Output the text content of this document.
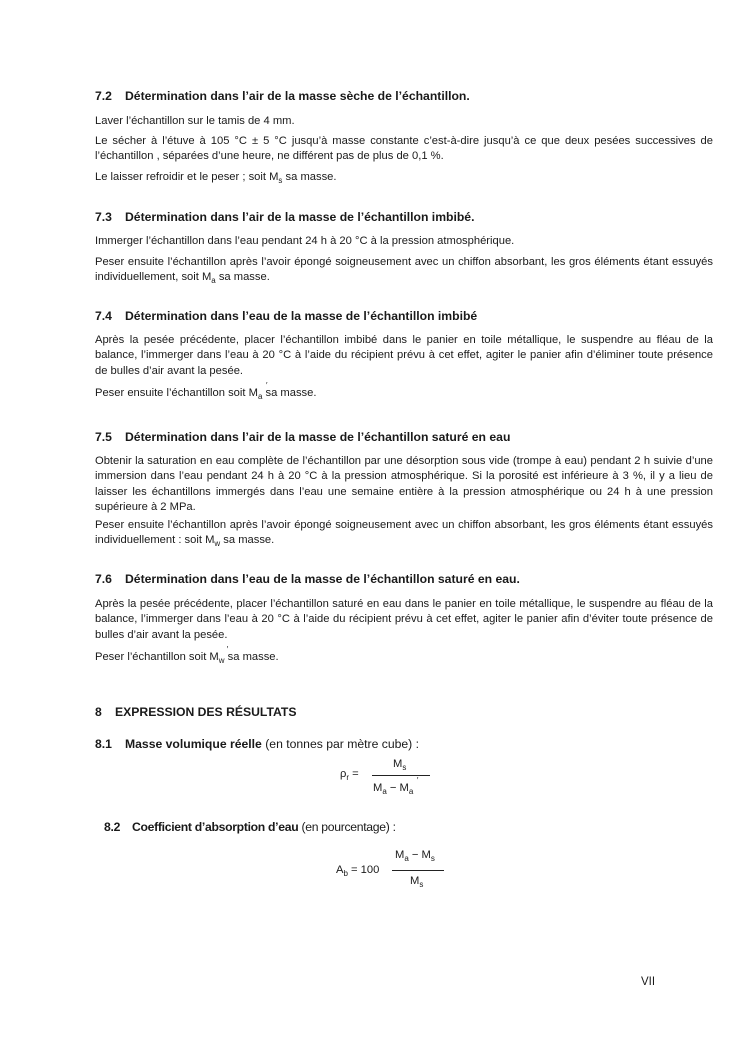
7.2 Détermination dans l’air de la masse sèche de l’échantillon.
Laver l’échantillon sur le tamis de 4 mm.
Le sécher à l’étuve à 105 °C ± 5 °C jusqu’à masse constante c’est-à-dire jusqu’à ce que deux pesées successives de l’échantillon , séparées d’une heure, ne différent pas de plus de 0,1 %.
Le laisser refroidir et le peser ; soit $M_s$ sa masse.
7.3 Détermination dans l’air de la masse de l’échantillon imbibé.
Immerger l’échantillon dans l’eau pendant 24 h à 20 °C à la pression atmosphérique.
Peser ensuite l’échantillon après l’avoir épongé soigneusement avec un chiffon absorbant, les gros éléments étant essuyés individuellement, soit $M_a$ sa masse.
7.4 Détermination dans l’eau de la masse de l’échantillon imbibé
Après la pesée précédente, placer l’échantillon imbibé dans le panier en toile métallique, le suspendre au fléau de la balance, l’immerger dans l’eau à 20 °C à l’aide du récipient prévu à cet effet, agiter le panier afin d’éliminer toute présence de bulles d’air avant la pesée.
Peser ensuite l’échantillon soit $M_a$ ′ sa masse.
7.5 Détermination dans l’air de la masse de l’échantillon saturé en eau
Obtenir la saturation en eau complète de l’échantillon par une désorption sous vide (trompe à eau) pendant 2 h suivie d’une immersion dans l’eau pendant 24 h à 20 °C à la pression atmosphérique. Si la porosité est inférieure à 3 %, il y a lieu de laisser les échantillons immergés dans l’eau une semaine entière à la pression atmosphérique ou 24 h à une pression supérieure à 2 MPa.
Peser ensuite l’échantillon après l’avoir épongé soigneusement avec un chiffon absorbant, les gros éléments étant essuyés individuellement : soit $M_w$ sa masse.
7.6 Détermination dans l’eau de la masse de l’échantillon saturé en eau.
Après la pesée précédente, placer l’échantillon saturé en eau dans le panier en toile métallique, le suspendre au fléau de la balance, l’immerger dans l’eau à 20 °C à l’aide du récipient prévu à cet effet, agiter le panier afin d’éviter toute présence de bulles d’air avant la pesée.
Peser l’échantillon soit $M_w$ ′ sa masse.
8 EXPRESSION DES RÉSULTATS
8.1 Masse volumique réelle (en tonnes par mètre cube) :
$\rho_r$ =
$M_s$
$M_a - M_a$ ′
8.2 Coefficient d’absorption d’eau (en pourcentage) :
$A_b = 100$
$M_a - M_s$
$M_s$
VII
